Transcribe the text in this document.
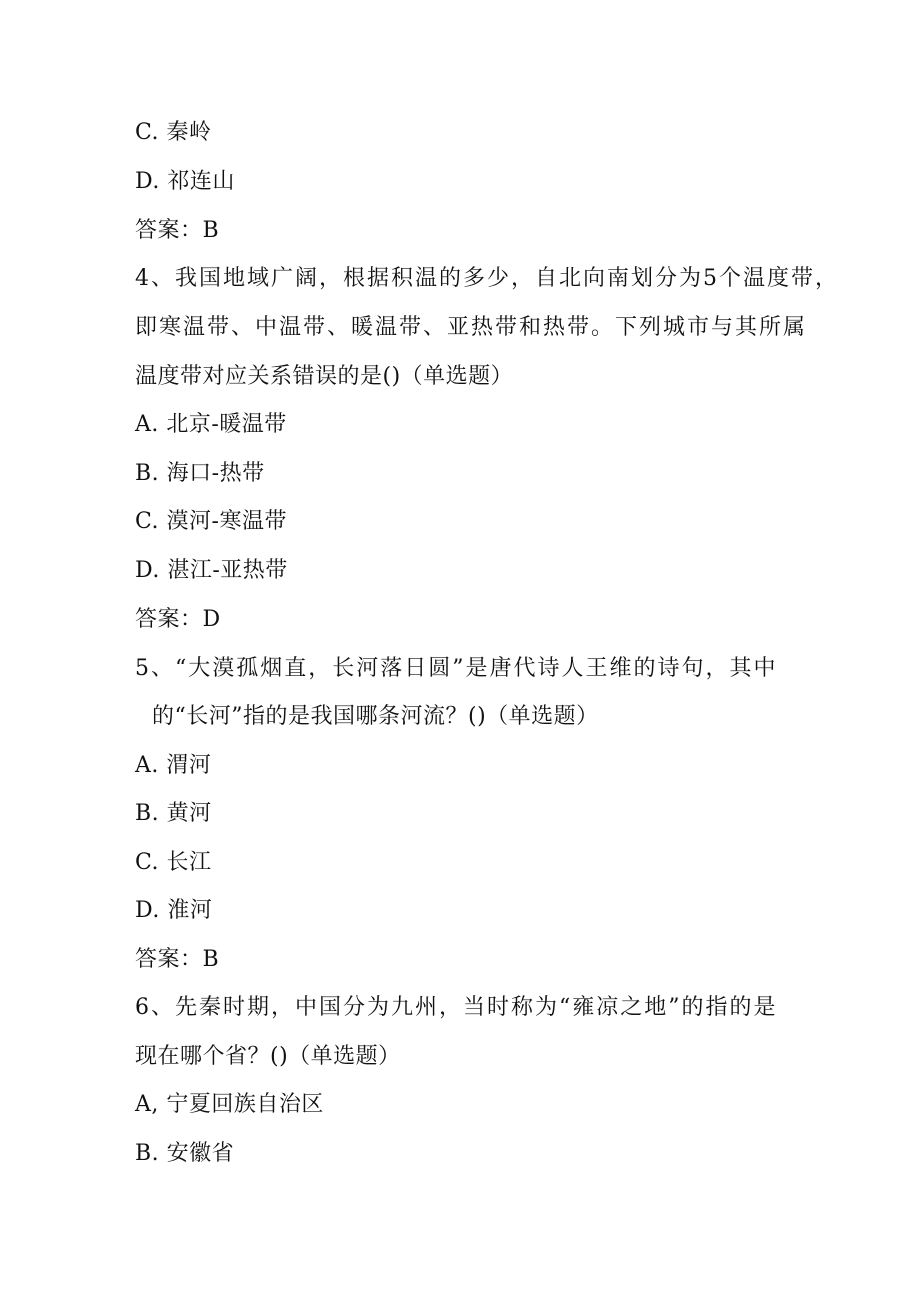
C. 秦岭
D. 祁连山
答案：B
4、我国地域广阔，根据积温的多少，自北向南划分为5个温度带，
即寒温带、中温带、暖温带、亚热带和热带。下列城市与其所属
温度带对应关系错误的是()（单选题）
A. 北京-暖温带
B. 海口-热带
C. 漠河-寒温带
D. 湛江-亚热带
答案：D
5、“大漠孤烟直，长河落日圆”是唐代诗人王维的诗句，其中
的“长河”指的是我国哪条河流？()（单选题）
A. 渭河
B. 黄河
C. 长江
D. 淮河
答案：B
6、先秦时期，中国分为九州，当时称为“雍凉之地”的指的是
现在哪个省？()（单选题）
A, 宁夏回族自治区
B. 安徽省
